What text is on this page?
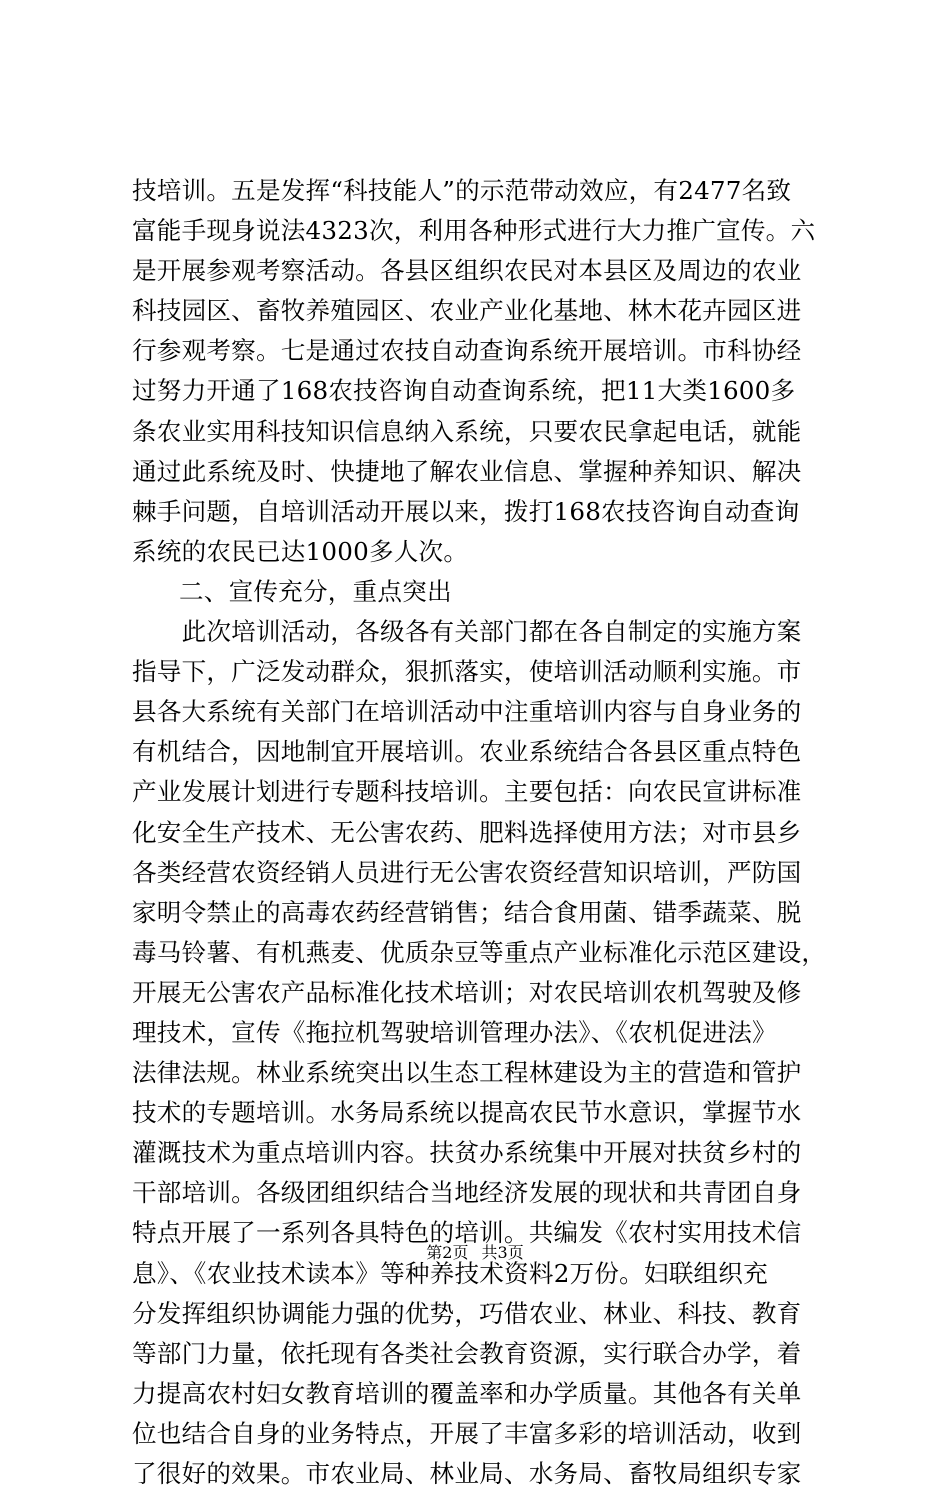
技培训。五是发挥“科技能人”的示范带动效应，有2477名致
富能手现身说法4323次，利用各种形式进行大力推广宣传。六
是开展参观考察活动。各县区组织农民对本县区及周边的农业
科技园区、畜牧养殖园区、农业产业化基地、林木花卉园区进
行参观考察。七是通过农技自动查询系统开展培训。市科协经
过努力开通了168农技咨询自动查询系统，把11大类1600多
条农业实用科技知识信息纳入系统，只要农民拿起电话，就能
通过此系统及时、快捷地了解农业信息、掌握种养知识、解决
棘手问题，自培训活动开展以来，拨打168农技咨询自动查询
系统的农民已达1000多人次。
二、宣传充分，重点突出
　　此次培训活动，各级各有关部门都在各自制定的实施方案
指导下，广泛发动群众，狠抓落实，使培训活动顺利实施。市
县各大系统有关部门在培训活动中注重培训内容与自身业务的
有机结合，因地制宜开展培训。农业系统结合各县区重点特色
产业发展计划进行专题科技培训。主要包括：向农民宣讲标准
化安全生产技术、无公害农药、肥料选择使用方法；对市县乡
各类经营农资经销人员进行无公害农资经营知识培训，严防国
家明令禁止的高毒农药经营销售；结合食用菌、错季蔬菜、脱
毒马铃薯、有机燕麦、优质杂豆等重点产业标准化示范区建设，
开展无公害农产品标准化技术培训；对农民培训农机驾驶及修
理技术，宣传《拖拉机驾驶培训管理办法》、《农机促进法》
法律法规。林业系统突出以生态工程林建设为主的营造和管护
技术的专题培训。水务局系统以提高农民节水意识，掌握节水
灌溉技术为重点培训内容。扶贫办系统集中开展对扶贫乡村的
干部培训。各级团组织结合当地经济发展的现状和共青团自身
特点开展了一系列各具特色的培训。共编发《农村实用技术信
息》、《农业技术读本》等种养技术资料2万份。妇联组织充
分发挥组织协调能力强的优势，巧借农业、林业、科技、教育
等部门力量，依托现有各类社会教育资源，实行联合办学，着
力提高农村妇女教育培训的覆盖率和办学质量。其他各有关单
位也结合自身的业务特点，开展了丰富多彩的培训活动，收到
了很好的效果。市农业局、林业局、水务局、畜牧局组织专家
第2页 共3页
